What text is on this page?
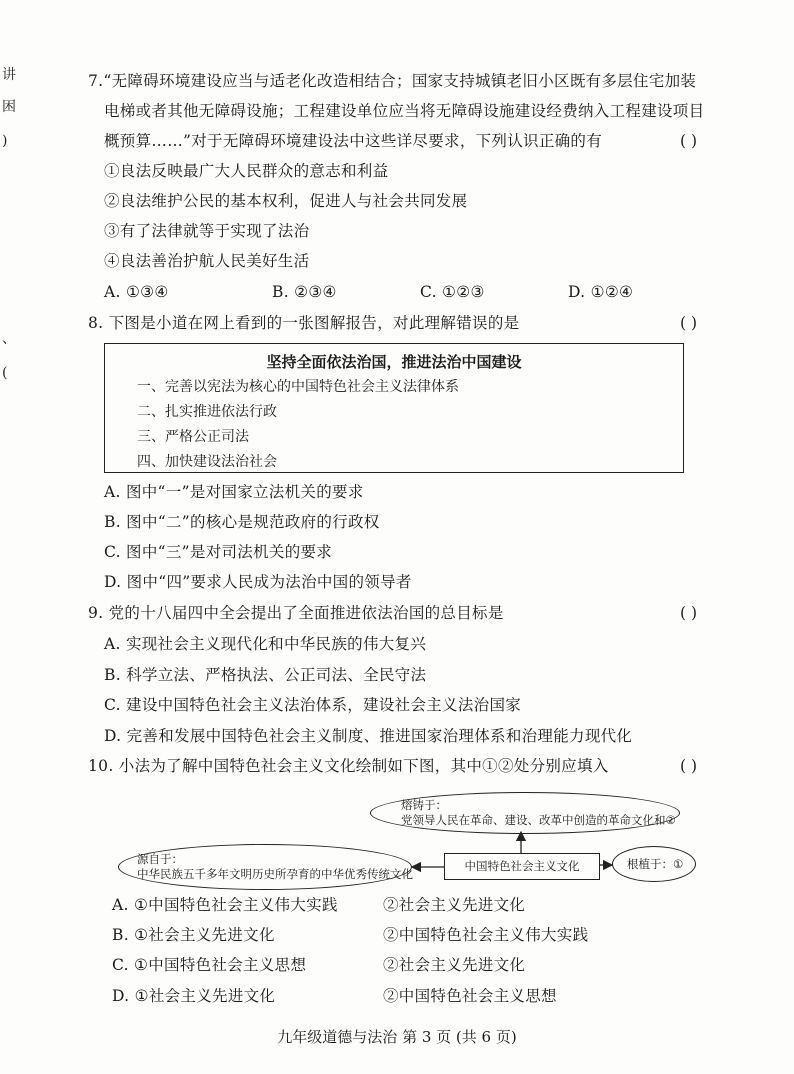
讲
困
)
、
(
7.“无障碍环境建设应当与适老化改造相结合；国家支持城镇老旧小区既有多层住宅加装
电梯或者其他无障碍设施；工程建设单位应当将无障碍设施建设经费纳入工程建设项目
概预算……”对于无障碍环境建设法中这些详尽要求，下列认识正确的有	( )
①良法反映最广大人民群众的意志和利益
②良法维护公民的基本权利，促进人与社会共同发展
③有了法律就等于实现了法治
④良法善治护航人民美好生活
A. ①③④	B. ②③④	C. ①②③	D. ①②④
8. 下图是小道在网上看到的一张图解报告，对此理解错误的是	( )
坚持全面依法治国，推进法治中国建设
一、完善以宪法为核心的中国特色社会主义法律体系
二、扎实推进依法行政
三、严格公正司法
四、加快建设法治社会
A. 图中“一”是对国家立法机关的要求
B. 图中“二”的核心是规范政府的行政权
C. 图中“三”是对司法机关的要求
D. 图中“四”要求人民成为法治中国的领导者
9. 党的十八届四中全会提出了全面推进依法治国的总目标是	( )
A. 实现社会主义现代化和中华民族的伟大复兴
B. 科学立法、严格执法、公正司法、全民守法
C. 建设中国特色社会主义法治体系，建设社会主义法治国家
D. 完善和发展中国特色社会主义制度、推进国家治理体系和治理能力现代化
10. 小法为了解中国特色社会主义文化绘制如下图，其中①②处分别应填入	( )
熔铸于：
党领导人民在革命、建设、改革中创造的革命文化和②
源自于：
中华民族五千多年文明历史所孕育的中华优秀传统文化
中国特色社会主义文化	根植于：①
A. ①中国特色社会主义伟大实践	②社会主义先进文化
B. ①社会主义先进文化	②中国特色社会主义伟大实践
C. ①中国特色社会主义思想	②社会主义先进文化
D. ①社会主义先进文化	②中国特色社会主义思想
九年级道德与法治 第 3 页 (共 6 页)
